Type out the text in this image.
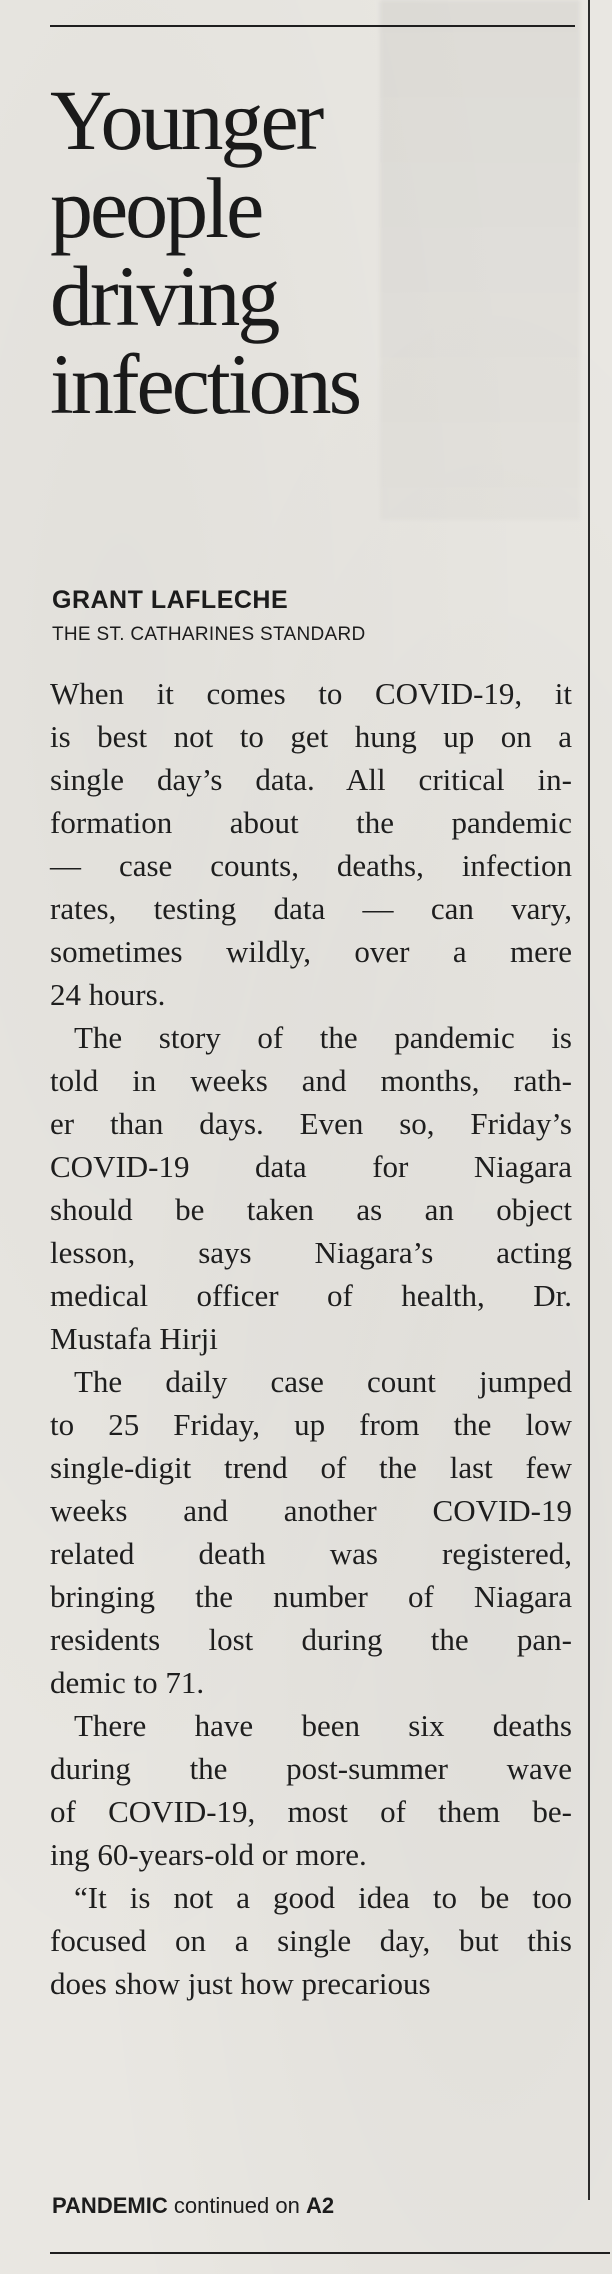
Younger
people
driving
infections
GRANT LAFLECHE
THE ST. CATHARINES STANDARD
When it comes to COVID-19, it
is best not to get hung up on a
single day’s data. All critical in-
formation about the pandemic
— case counts, deaths, infection
rates, testing data — can vary,
sometimes wildly, over a mere
24 hours.
The story of the pandemic is
told in weeks and months, rath-
er than days. Even so, Friday’s
COVID-19 data for Niagara
should be taken as an object
lesson, says Niagara’s acting
medical officer of health, Dr.
Mustafa Hirji
The daily case count jumped
to 25 Friday, up from the low
single-digit trend of the last few
weeks and another COVID-19
related death was registered,
bringing the number of Niagara
residents lost during the pan-
demic to 71.
There have been six deaths
during the post-summer wave
of COVID-19, most of them be-
ing 60-years-old or more.
“It is not a good idea to be too
focused on a single day, but this
does show just how precarious
PANDEMIC continued on A2
